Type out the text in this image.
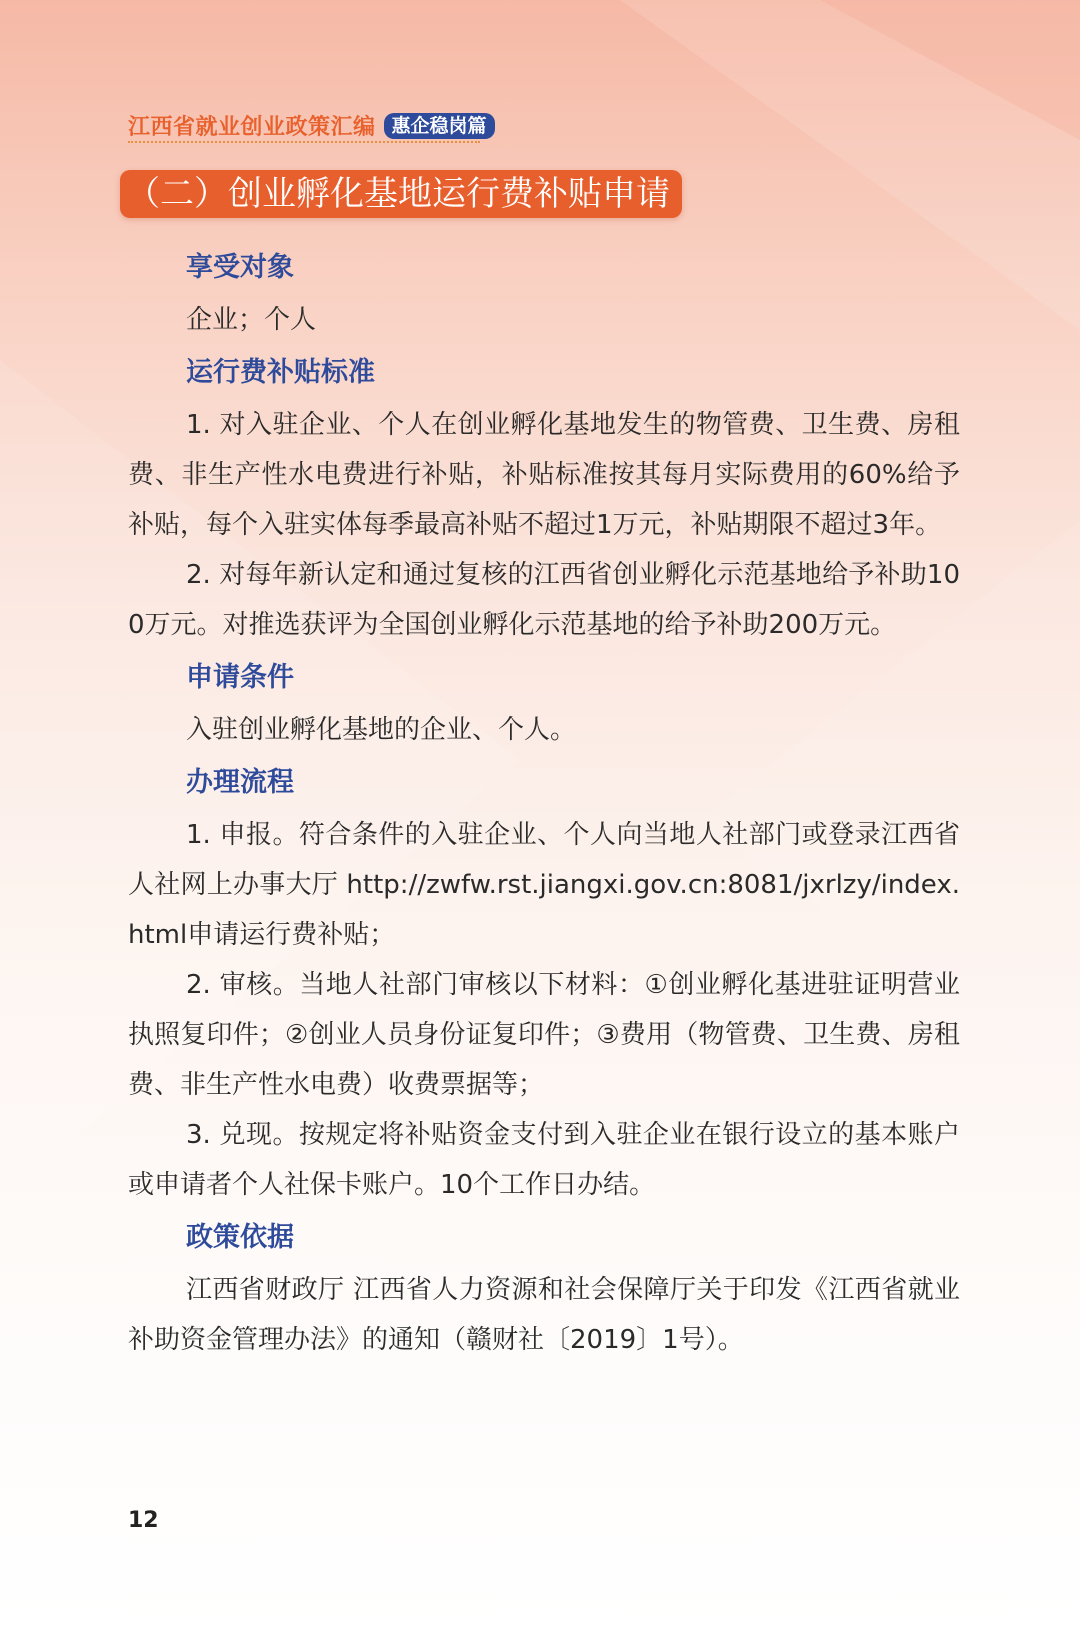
江西省就业创业政策汇编 惠企稳岗篇
（二）创业孵化基地运行费补贴申请
享受对象

企业；个人

运行费补贴标准

1. 对入驻企业、个人在创业孵化基地发生的物管费、卫生费、房租费、非生产性水电费进行补贴，补贴标准按其每月实际费用的60%给予补贴，每个入驻实体每季最高补贴不超过1万元，补贴期限不超过3年。

2. 对每年新认定和通过复核的江西省创业孵化示范基地给予补助100万元。对推选获评为全国创业孵化示范基地的给予补助200万元。

申请条件

入驻创业孵化基地的企业、个人。

办理流程

1. 申报。符合条件的入驻企业、个人向当地人社部门或登录江西省人社网上办事大厅 http://zwfw.rst.jiangxi.gov.cn:8081/jxrlzy/index.html申请运行费补贴；

2. 审核。当地人社部门审核以下材料：①创业孵化基进驻证明营业执照复印件；②创业人员身份证复印件；③费用（物管费、卫生费、房租费、非生产性水电费）收费票据等；

3. 兑现。按规定将补贴资金支付到入驻企业在银行设立的基本账户或申请者个人社保卡账户。10个工作日办结。

政策依据

江西省财政厅 江西省人力资源和社会保障厅关于印发《江西省就业补助资金管理办法》的通知（赣财社〔2019〕1号）。

12
